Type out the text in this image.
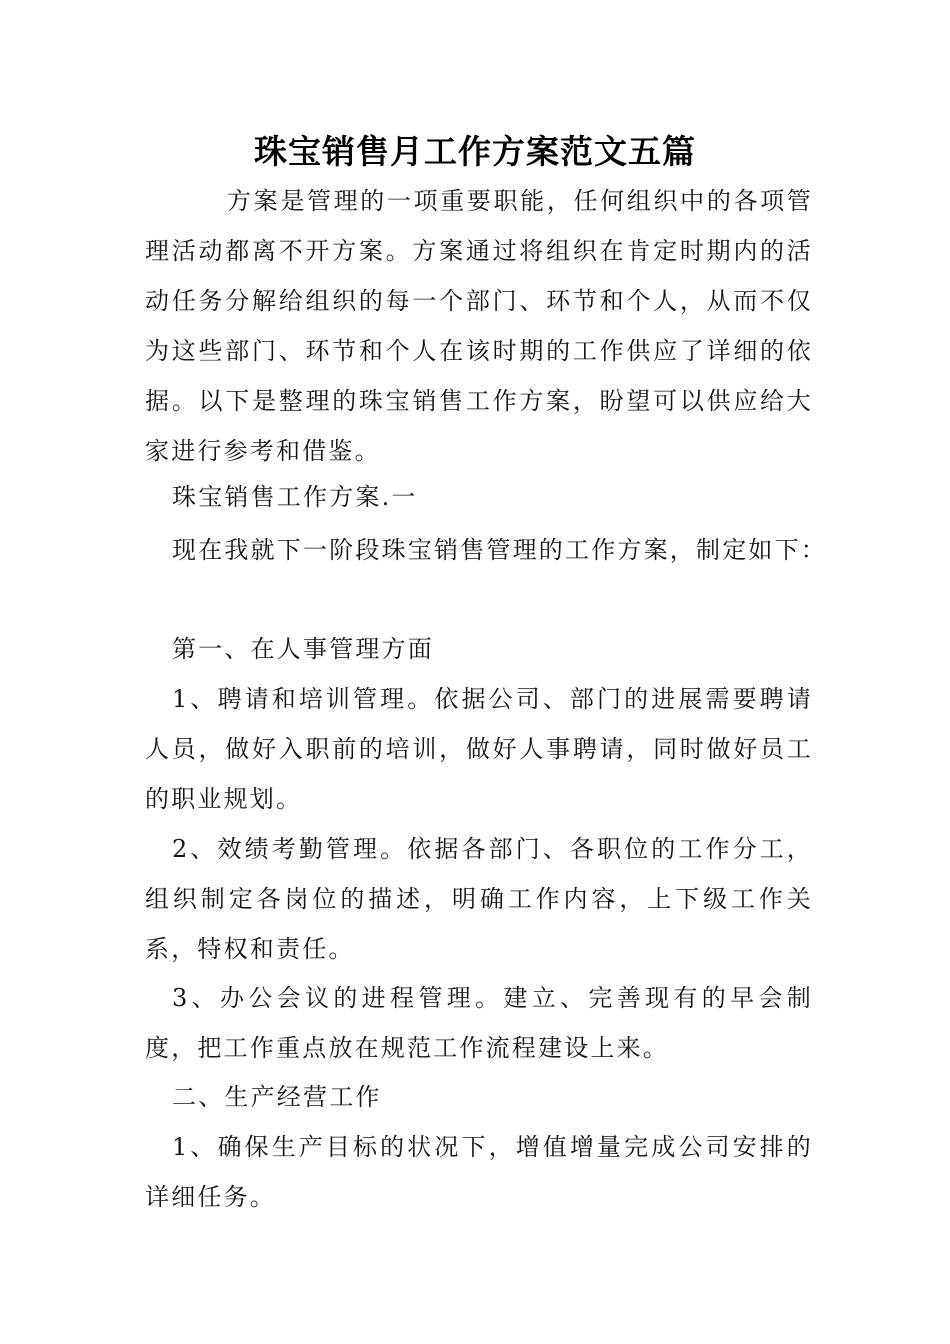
珠宝销售月工作方案范文五篇
方案是管理的一项重要职能，任何组织中的各项管理活动都离不开方案。方案通过将组织在肯定时期内的活动任务分解给组织的每一个部门、环节和个人，从而不仅为这些部门、环节和个人在该时期的工作供应了详细的依据。以下是整理的珠宝销售工作方案，盼望可以供应给大家进行参考和借鉴。
珠宝销售工作方案.一
现在我就下一阶段珠宝销售管理的工作方案，制定如下：
第一、在人事管理方面
1、聘请和培训管理。依据公司、部门的进展需要聘请人员，做好入职前的培训，做好人事聘请，同时做好员工的职业规划。
2、效绩考勤管理。依据各部门、各职位的工作分工，组织制定各岗位的描述，明确工作内容，上下级工作关系，特权和责任。
3、办公会议的进程管理。建立、完善现有的早会制度，把工作重点放在规范工作流程建设上来。
二、生产经营工作
1、确保生产目标的状况下，增值增量完成公司安排的详细任务。
